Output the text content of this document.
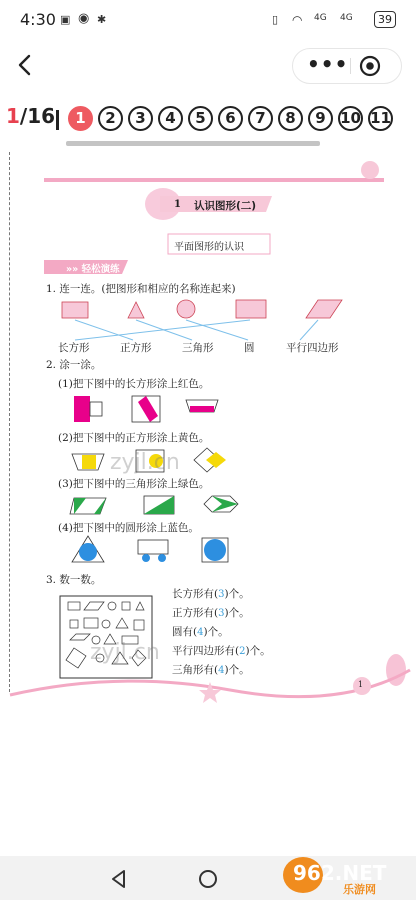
4:30 ▣ ◉ ✱	▯ ◠ 4G 4G	39
•••
1/16	1	2	3	4	5	6	7	8	9 10 11
1 认识图形(二)
平面图形的认识
»» 轻松演练
1. 连一连。(把图形和相应的名称连起来)
长方形	正方形	三角形	圆	平行四边形
2. 涂一涂。
(1)把下图中的长方形涂上红色。
(2)把下图中的正方形涂上黄色。
(3)把下图中的三角形涂上绿色。
(4)把下图中的圆形涂上蓝色。
3. 数一数。
长方形有(3)个。
正方形有(3)个。
圆有(4)个。
平行四边形有(2)个。
三角形有(4)个。
1
zyjl.cn
zyjl.cn
962.NET
乐游网
